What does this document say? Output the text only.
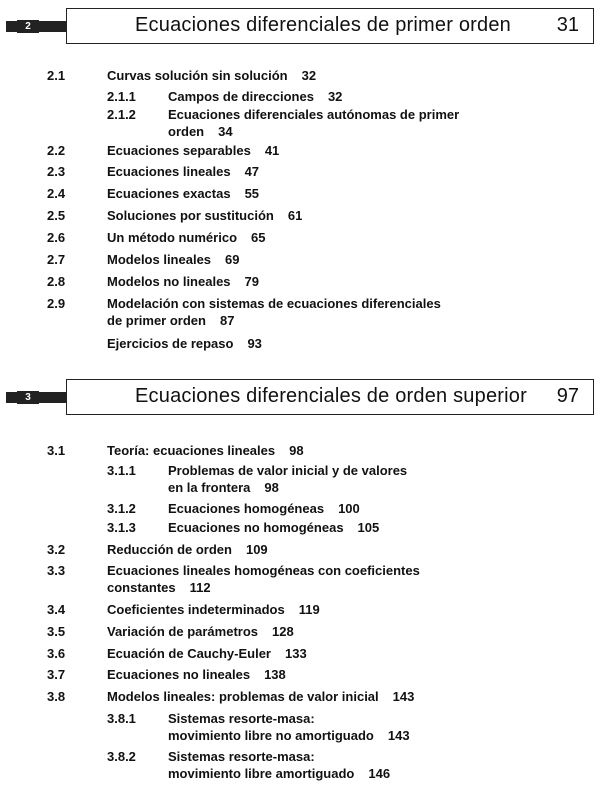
2	Ecuaciones diferenciales de primer orden 31
2.1	Curvas solución sin solución 32
2.1.1 Campos de direcciones 32
2.1.2 Ecuaciones diferenciales autónomas de primer
orden 34
2.2	Ecuaciones separables 41
2.3	Ecuaciones lineales 47
2.4	Ecuaciones exactas 55
2.5	Soluciones por sustitución 61
2.6	Un método numérico 65
2.7	Modelos lineales 69
2.8	Modelos no lineales 79
2.9	Modelación con sistemas de ecuaciones diferenciales
de primer orden 87
Ejercicios de repaso 93
3	Ecuaciones diferenciales de orden superior 97
3.1	Teoría: ecuaciones lineales 98
3.1.1 Problemas de valor inicial y de valores
en la frontera 98
3.1.2 Ecuaciones homogéneas 100
3.1.3 Ecuaciones no homogéneas 105
3.2	Reducción de orden 109
3.3	Ecuaciones lineales homogéneas con coeficientes
constantes 112
3.4	Coeficientes indeterminados 119
3.5	Variación de parámetros 128
3.6	Ecuación de Cauchy-Euler 133
3.7	Ecuaciones no lineales 138
3.8	Modelos lineales: problemas de valor inicial 143
3.8.1 Sistemas resorte-masa:
movimiento libre no amortiguado 143
3.8.2 Sistemas resorte-masa:
movimiento libre amortiguado 146
